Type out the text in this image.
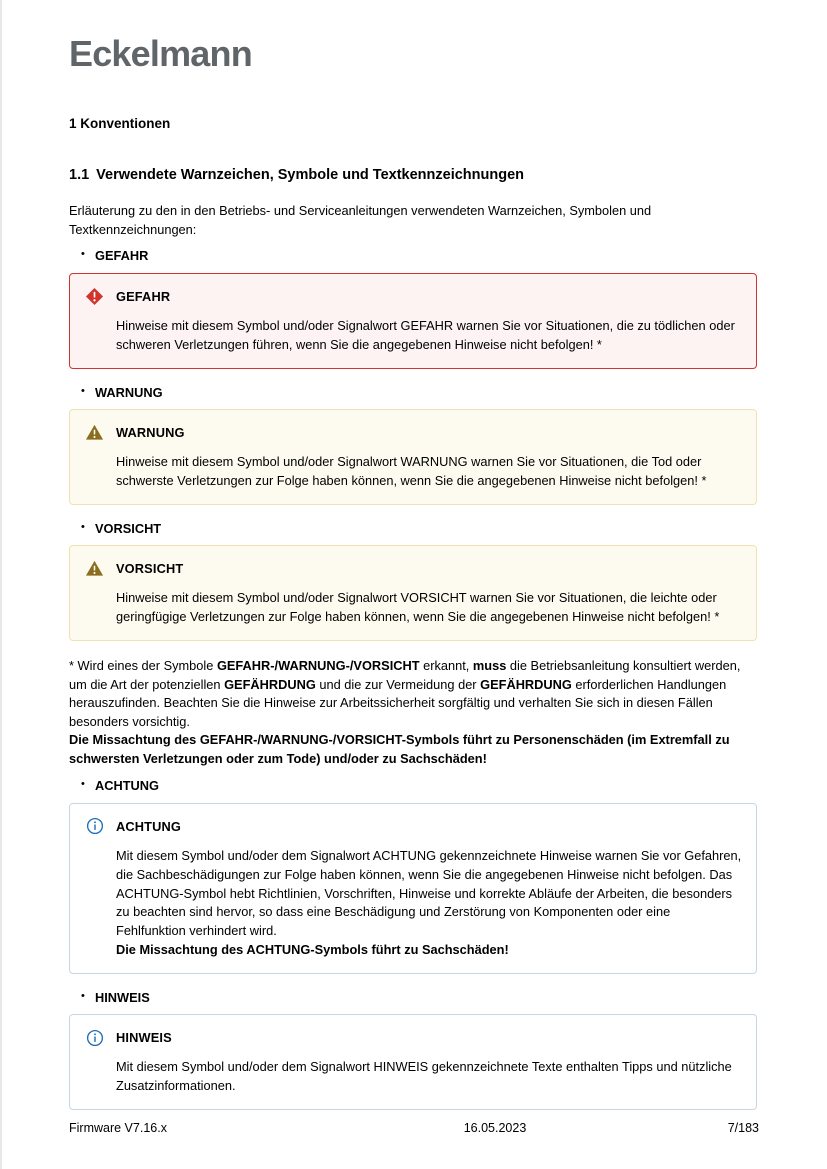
Eckelmann
1 Konventionen
1.1 Verwendete Warnzeichen, Symbole und Textkennzeichnungen

Erläuterung zu den in den Betriebs- und Serviceanleitungen verwendeten Warnzeichen, Symbolen und Textkennzeichnungen:

• GEFAHR
GEFAHR
Hinweise mit diesem Symbol und/oder Signalwort GEFAHR warnen Sie vor Situationen, die zu tödlichen oder schweren Verletzungen führen, wenn Sie die angegebenen Hinweise nicht befolgen! *
• WARNUNG
WARNUNG
Hinweise mit diesem Symbol und/oder Signalwort WARNUNG warnen Sie vor Situationen, die Tod oder schwerste Verletzungen zur Folge haben können, wenn Sie die angegebenen Hinweise nicht befolgen! *
• VORSICHT
VORSICHT
Hinweise mit diesem Symbol und/oder Signalwort VORSICHT warnen Sie vor Situationen, die leichte oder geringfügige Verletzungen zur Folge haben können, wenn Sie die angegebenen Hinweise nicht befolgen! *

* Wird eines der Symbole GEFAHR-/WARNUNG-/VORSICHT erkannt, muss die Betriebsanleitung konsultiert werden, um die Art der potenziellen GEFÄHRDUNG und die zur Vermeidung der GEFÄHRDUNG erforderlichen Handlungen herauszufinden. Beachten Sie die Hinweise zur Arbeitssicherheit sorgfältig und verhalten Sie sich in diesen Fällen besonders vorsichtig.
Die Missachtung des GEFAHR-/WARNUNG-/VORSICHT-Symbols führt zu Personenschäden (im Extremfall zu schwersten Verletzungen oder zum Tode) und/oder zu Sachschäden!

• ACHTUNG
ACHTUNG
Mit diesem Symbol und/oder dem Signalwort ACHTUNG gekennzeichnete Hinweise warnen Sie vor Gefahren, die Sachbeschädigungen zur Folge haben können, wenn Sie die angegebenen Hinweise nicht befolgen. Das ACHTUNG-Symbol hebt Richtlinien, Vorschriften, Hinweise und korrekte Abläufe der Arbeiten, die besonders zu beachten sind hervor, so dass eine Beschädigung und Zerstörung von Komponenten oder eine Fehlfunktion verhindert wird.
Die Missachtung des ACHTUNG-Symbols führt zu Sachschäden!
• HINWEIS
HINWEIS
Mit diesem Symbol und/oder dem Signalwort HINWEIS gekennzeichnete Texte enthalten Tipps und nützliche Zusatzinformationen.
Firmware V7.16.x	16.05.2023	7/183
